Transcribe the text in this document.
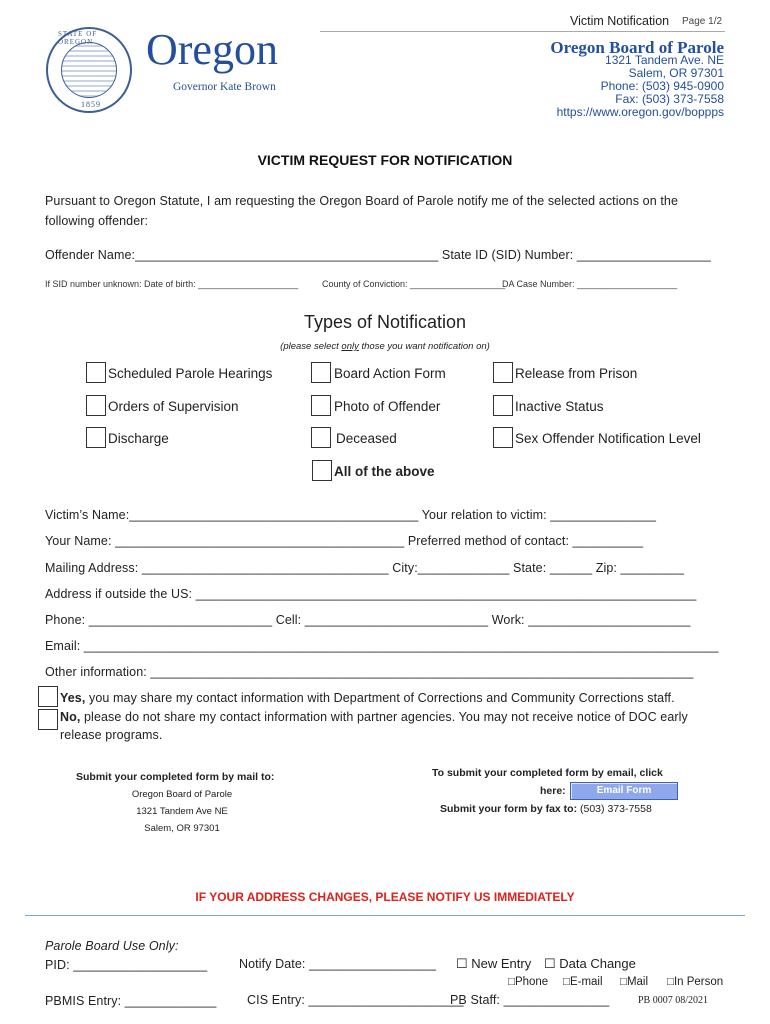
Victim Notification Page 1/2
STATE OF OREGON
1859
Oregon
Governor Kate Brown
Oregon Board of Parole
1321 Tandem Ave. NE
Salem, OR 97301
Phone: (503) 945-0900
Fax: (503) 373-7558
https://www.oregon.gov/boppps
VICTIM REQUEST FOR NOTIFICATION
Pursuant to Oregon Statute, I am requesting the Oregon Board of Parole notify me of the selected actions on the
following offender:
Offender Name:___________________________________________ State ID (SID) Number: ___________________
If SID number unknown: Date of birth: ____________________	County of Conviction: ___________________
DA Case Number: ____________________
Types of Notification
(please select only those you want notification on)
Scheduled Parole Hearings	Board Action Form	Release from Prison
Orders of Supervision	Photo of Offender	Inactive Status
Discharge	Deceased	Sex Offender Notification Level
All of the above
Victim’s Name:_________________________________________ Your relation to victim: _______________
Your Name: _________________________________________ Preferred method of contact: __________
Mailing Address: ___________________________________ City:_____________ State: ______ Zip: _________
Address if outside the US: _______________________________________________________________________
Phone: __________________________ Cell: __________________________ Work: _______________________
Email: __________________________________________________________________________________________
Other information: _____________________________________________________________________________
Yes, you may share my contact information with Department of Corrections and Community Corrections staff.
No, please do not share my contact information with partner agencies. You may not receive notice of DOC early
release programs.
Submit your completed form by mail to:
Oregon Board of Parole
1321 Tandem Ave NE
Salem, OR 97301
To submit your completed form by email, click
here:	Email Form
Submit your form by fax to: (503) 373-7558
IF YOUR ADDRESS CHANGES, PLEASE NOTIFY US IMMEDIATELY
Parole Board Use Only:
PID: ___________________	Notify Date: __________________ ☐ New Entry ☐ Data Change
□Phone □E-mail □Mail □In Person
PBMIS Entry: _____________ CIS Entry: ______________________
PB Staff: _______________	PB 0007 08/2021
